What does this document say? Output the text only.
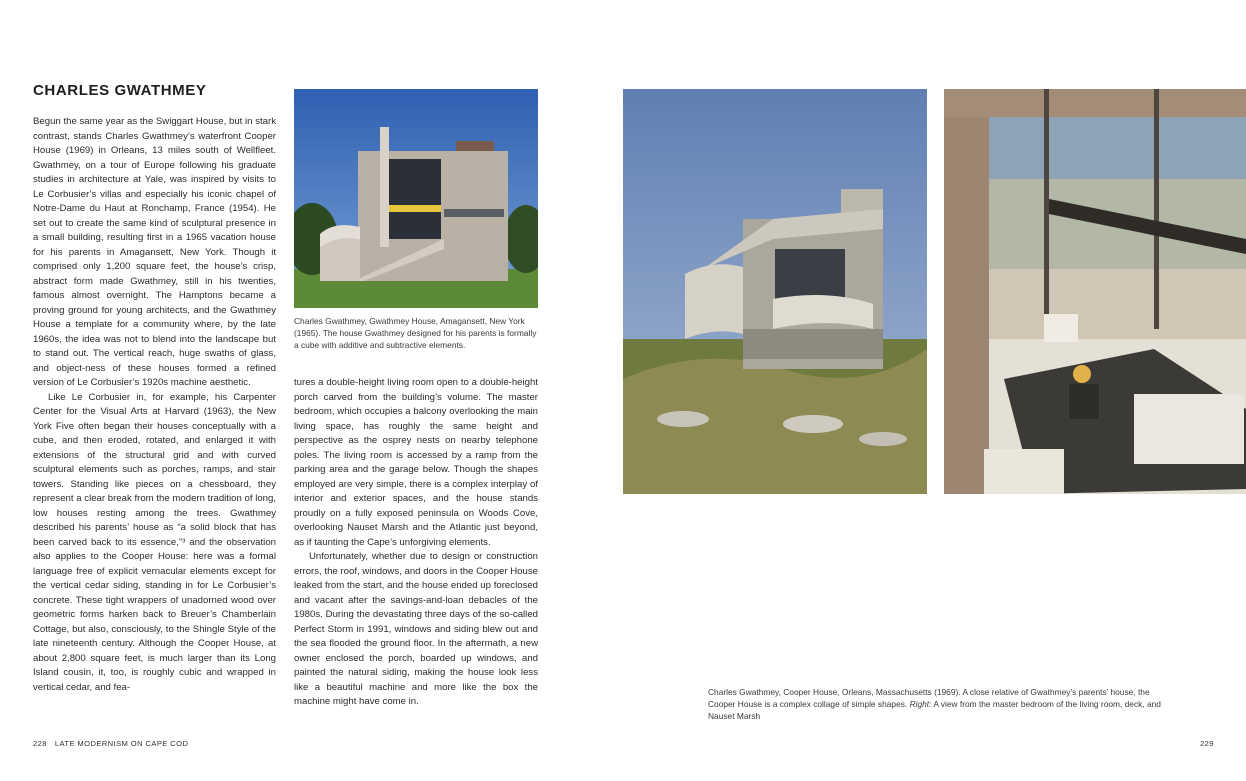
CHARLES GWATHMEY

Begun the same year as the Swiggart House, but in stark contrast, stands Charles Gwathmey’s waterfront Cooper House (1969) in Orleans, 13 miles south of Wellfleet. Gwathmey, on a tour of Europe following his graduate studies in architecture at Yale, was inspired by visits to Le Corbusier’s villas and especially his iconic chapel of Notre-Dame du Haut at Ronchamp, France (1954). He set out to create the same kind of sculptural presence in a small building, resulting first in a 1965 vacation house for his parents in Amagansett, New York. Though it comprised only 1,200 square feet, the house’s crisp, abstract form made Gwathmey, still in his twenties, famous almost overnight. The Hamptons became a proving ground for young architects, and the Gwathmey House a template for a community where, by the late 1960s, the idea was not to blend into the landscape but to stand out. The vertical reach, huge swaths of glass, and object-ness of these houses formed a refined version of Le Corbusier’s 1920s machine aesthetic.

Like Le Corbusier in, for example, his Carpenter Center for the Visual Arts at Harvard (1963), the New York Five often began their houses conceptually with a cube, and then eroded, rotated, and enlarged it with extensions of the structural grid and with curved sculptural elements such as porches, ramps, and stair towers. Standing like pieces on a chessboard, they represent a clear break from the modern tradition of long, low houses resting among the trees. Gwathmey described his parents’ house as “a solid block that has been carved back to its essence,”³ and the observation also applies to the Cooper House: here was a formal language free of explicit vernacular elements except for the vertical cedar siding, standing in for Le Corbusier’s concrete. These tight wrappers of unadorned wood over geometric forms harken back to Breuer’s Chamberlain Cottage, but also, consciously, to the Shingle Style of the late nineteenth century. Although the Cooper House, at about 2,800 square feet, is much larger than its Long Island cousin, it, too, is roughly cubic and wrapped in vertical cedar, and fea-

Charles Gwathmey, Gwathmey House, Amagansett, New York (1965). The house Gwathmey designed for his parents is formally a cube with additive and subtractive elements.

tures a double-height living room open to a double-height porch carved from the building’s volume. The master bedroom, which occupies a balcony overlooking the main living space, has roughly the same height and perspective as the osprey nests on nearby telephone poles. The living room is accessed by a ramp from the parking area and the garage below. Though the shapes employed are very simple, there is a complex interplay of interior and exterior spaces, and the house stands proudly on a fully exposed peninsula on Woods Cove, overlooking Nauset Marsh and the Atlantic just beyond, as if taunting the Cape’s unforgiving elements.

Unfortunately, whether due to design or construction errors, the roof, windows, and doors in the Cooper House leaked from the start, and the house ended up foreclosed and vacant after the savings-and-loan debacles of the 1980s. During the devastating three days of the so-called Perfect Storm in 1991, windows and siding blew out and the sea flooded the ground floor. In the aftermath, a new owner enclosed the porch, boarded up windows, and painted the natural siding, making the house look less like a beautiful machine and more like the box the machine might have come in.

Charles Gwathmey, Cooper House, Orleans, Massachusetts (1969). A close relative of Gwathmey’s parents’ house, the Cooper House is a complex collage of simple shapes. Right: A view from the master bedroom of the living room, deck, and Nauset Marsh
228 LATE MODERNISM ON CAPE COD	229
